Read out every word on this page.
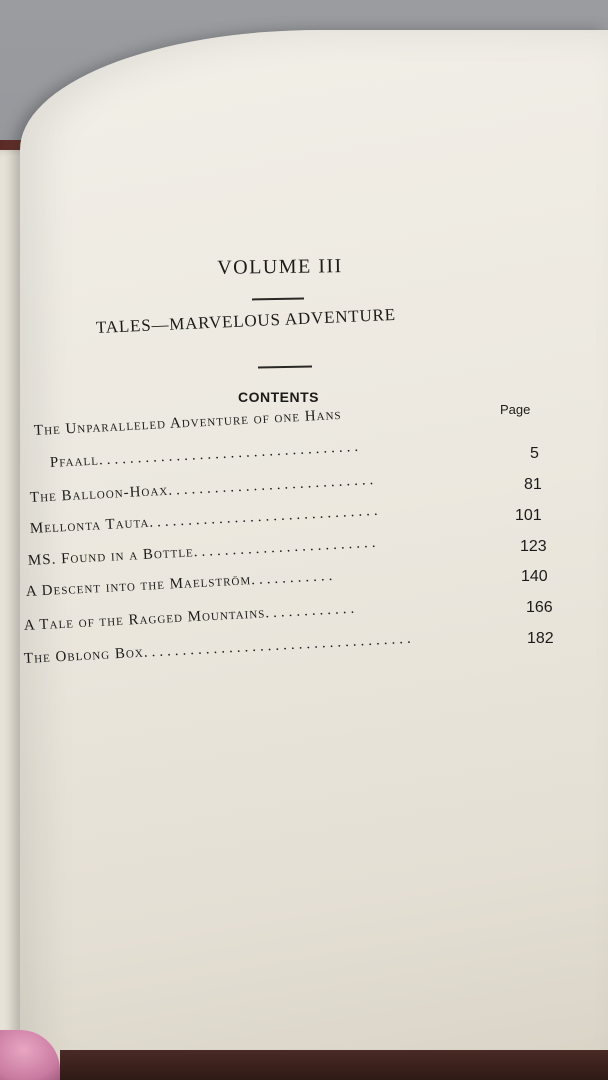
VOLUME III
TALES—MARVELOUS ADVENTURE
CONTENTS
Page
The Unparalleled Adventure of one Hans
Pfaall..................................	5
The Balloon-Hoax...........................	81
Mellonta Tauta..............................	101
MS. Found in a Bottle........................	123
A Descent into the Maelström...........	140
A Tale of the Ragged Mountains............	166
The Oblong Box...................................	182
